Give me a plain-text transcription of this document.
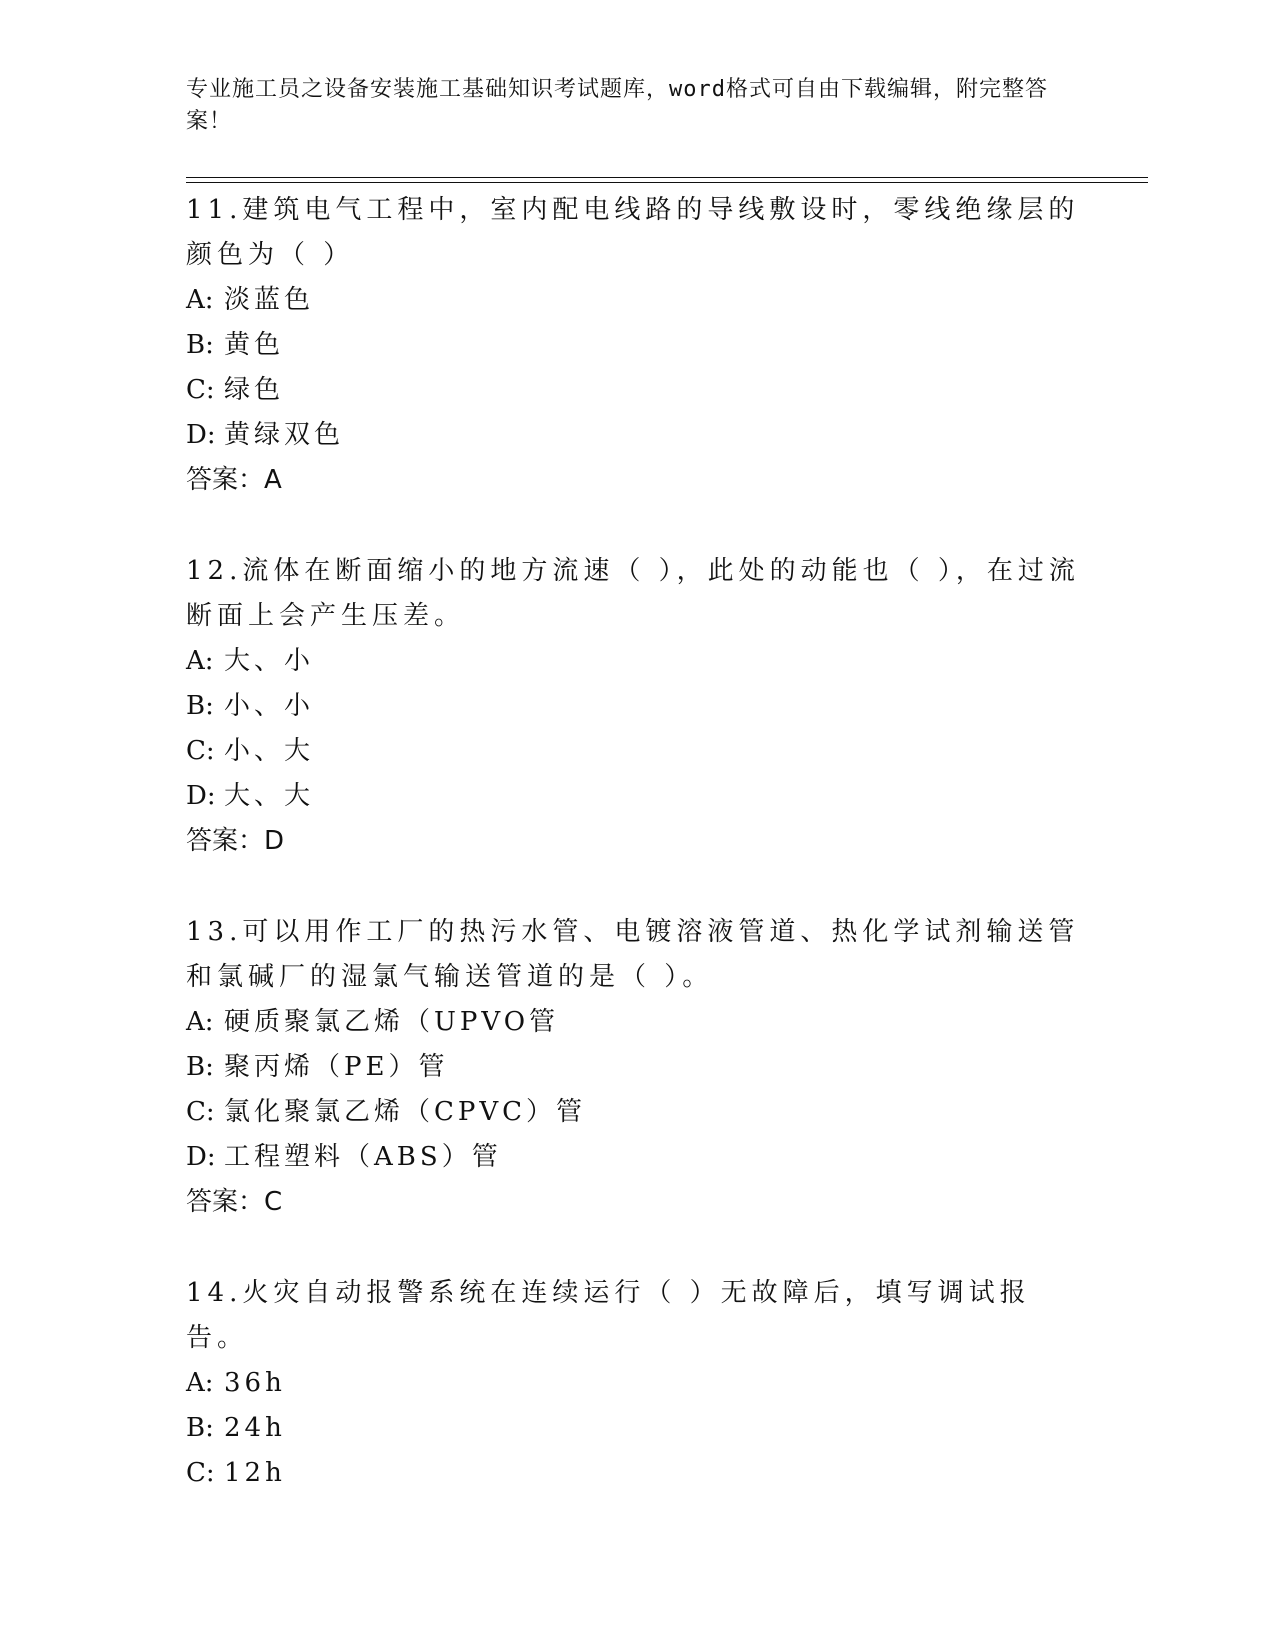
专业施工员之设备安装施工基础知识考试题库，word格式可自由下载编辑，附完整答案！

11.建筑电气工程中，室内配电线路的导线敷设时，零线绝缘层的颜色为（ ）

A: 淡蓝色

B: 黄色

C: 绿色

D: 黄绿双色

答案：A

12.流体在断面缩小的地方流速（ ），此处的动能也（ ），在过流断面上会产生压差。

A: 大、小

B: 小、小

C: 小、大

D: 大、大

答案：D

13.可以用作工厂的热污水管、电镀溶液管道、热化学试剂输送管和氯碱厂的湿氯气输送管道的是（ ）。

A: 硬质聚氯乙烯（UPVO管

B: 聚丙烯（PE）管

C: 氯化聚氯乙烯（CPVC）管

D: 工程塑料（ABS）管

答案：C

14.火灾自动报警系统在连续运行（ ）无故障后，填写调试报告。

A: 36h

B: 24h

C: 12h
